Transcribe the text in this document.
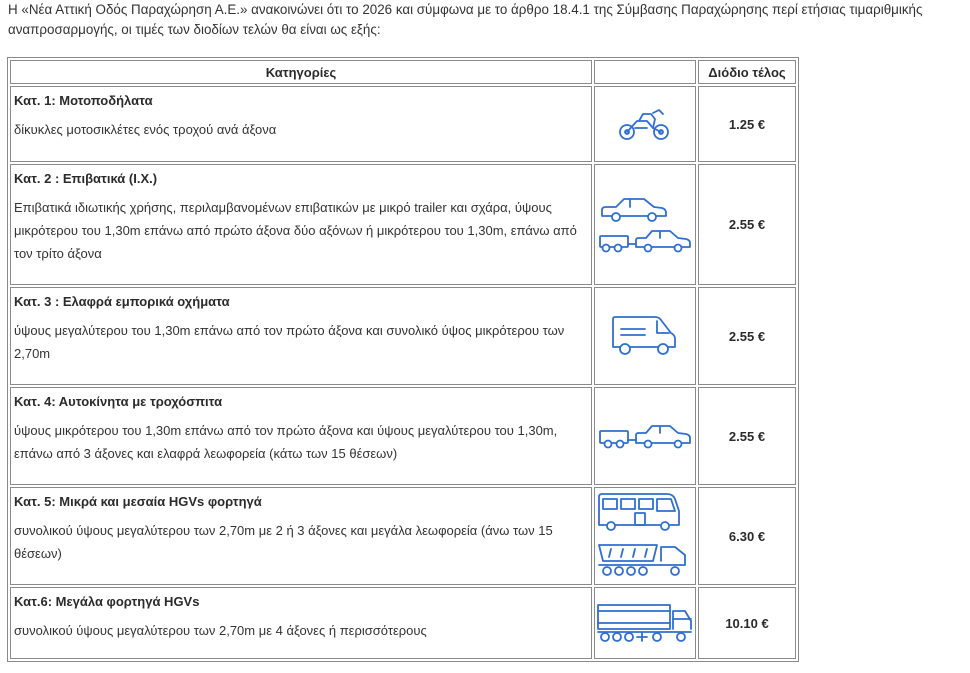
Η «Νέα Αττική Οδός Παραχώρηση Α.Ε.» ανακοινώνει ότι το 2026 και σύμφωνα με το άρθρο 18.4.1 της Σύμβασης Παραχώρησης περί ετήσιας τιμαριθμικής αναπροσαρμογής, οι τιμές των διοδίων τελών θα είναι ως εξής:
Κατηγορίες		Διόδιο τέλος

Κατ. 1: Μοτοποδήλατα
δίκυκλες μοτοσικλέτες ενός τροχού ανά άξονα		1.25 €

Κατ. 2 : Επιβατικά (Ι.Χ.)
Επιβατικά ιδιωτικής χρήσης, περιλαμβανομένων επιβατικών με μικρό trailer και σχάρα, ύψους μικρότερου του 1,30m επάνω από πρώτο άξονα δύο αξόνων ή μικρότερου του 1,30m, επάνω από τον τρίτο άξονα		2.55 €

Κατ. 3 : Ελαφρά εμπορικά οχήματα
ύψους μεγαλύτερου του 1,30m επάνω από τον πρώτο άξονα και συνολικό ύψος μικρότερου των 2,70m		2.55 €

Κατ. 4: Αυτοκίνητα με τροχόσπιτα
ύψους μικρότερου του 1,30m επάνω από τον πρώτο άξονα και ύψους μεγαλύτερου του 1,30m, επάνω από 3 άξονες και ελαφρά λεωφορεία (κάτω των 15 θέσεων)		2.55 €

Κατ. 5: Μικρά και μεσαία HGVs φορτηγά
συνολικού ύψους μεγαλύτερου των 2,70m με 2 ή 3 άξονες και μεγάλα λεωφορεία (άνω των 15 θέσεων)		6.30 €

Κατ.6: Μεγάλα φορτηγά HGVs
συνολικού ύψους μεγαλύτερου των 2,70m με 4 άξονες ή περισσότερους		10.10 €
